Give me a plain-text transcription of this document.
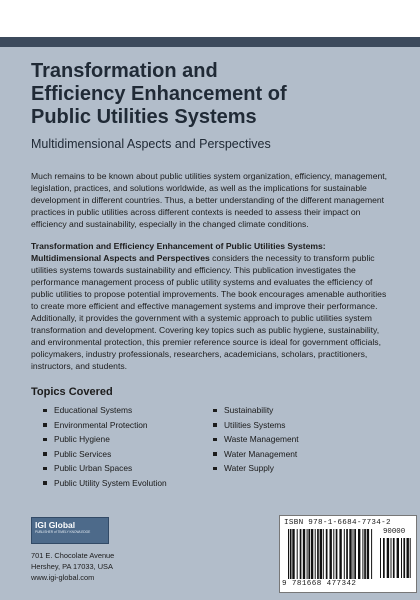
Transformation and
Efficiency Enhancement of
Public Utilities Systems
Multidimensional Aspects and Perspectives

Much remains to be known about public utilities system organization, efficiency, management, legislation, practices, and solutions worldwide, as well as the implications for sustainable development in different countries. Thus, a better understanding of the different management practices in public utilities across different contexts is needed to assess their impact on efficiency and sustainability, especially in the changed climate conditions.

Transformation and Efficiency Enhancement of Public Utilities Systems: Multidimensional Aspects and Perspectives considers the necessity to transform public utilities systems towards sustainability and efficiency. This publication investigates the performance management process of public utility systems and evaluates the efficiency of public utilities to propose potential improvements. The book encourages amenable authorities to create more efficient and effective management systems and improve their performance. Additionally, it provides the government with a systemic approach to public utilities system transformation and development. Covering key topics such as public hygiene, sustainability, and environmental protection, this premier reference source is ideal for government officials, policymakers, industry professionals, researchers, academicians, scholars, practitioners, instructors, and students.

Topics Covered
Educational Systems
Environmental Protection
Public Hygiene
Public Services
Public Urban Spaces
Public Utility System Evolution
Sustainability
Utilities Systems
Waste Management
Water Management
Water Supply
IGI Global
PUBLISHER of TIMELY KNOWLEDGE
701 E. Chocolate Avenue
Hershey, PA 17033, USA
www.igi-global.com
ISBN 978-1-6684-7734-2
90000
9 781668 477342
